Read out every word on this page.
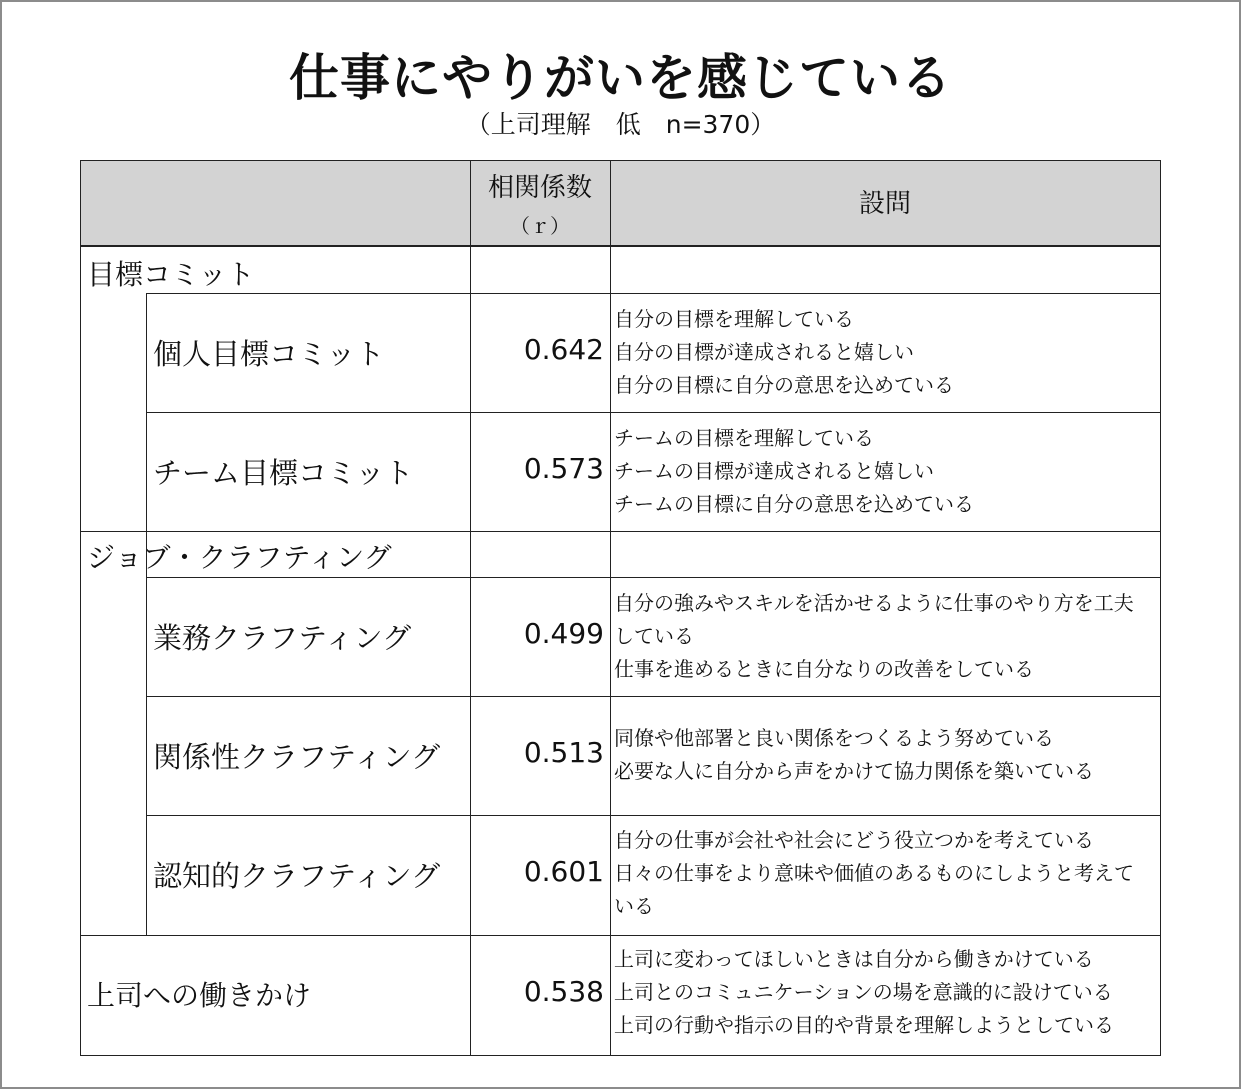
仕事にやりがいを感じている
（上司理解　低　n=370）
相関係数
（ｒ）
設問
目標コミット
個人目標コミット	0.642
自分の目標を理解している
自分の目標が達成されると嬉しい
自分の目標に自分の意思を込めている
チーム目標コミット	0.573
チームの目標を理解している
チームの目標が達成されると嬉しい
チームの目標に自分の意思を込めている
ジョブ・クラフティング
業務クラフティング	0.499
自分の強みやスキルを活かせるように仕事のやり方を工夫
している
仕事を進めるときに自分なりの改善をしている
関係性クラフティング	0.513 同僚や他部署と良い関係をつくるよう努めている
必要な人に自分から声をかけて協力関係を築いている
認知的クラフティング	0.601
自分の仕事が会社や社会にどう役立つかを考えている
日々の仕事をより意味や価値のあるものにしようと考えて
いる
上司への働きかけ	0.538
上司に変わってほしいときは自分から働きかけている
上司とのコミュニケーションの場を意識的に設けている
上司の行動や指示の目的や背景を理解しようとしている
